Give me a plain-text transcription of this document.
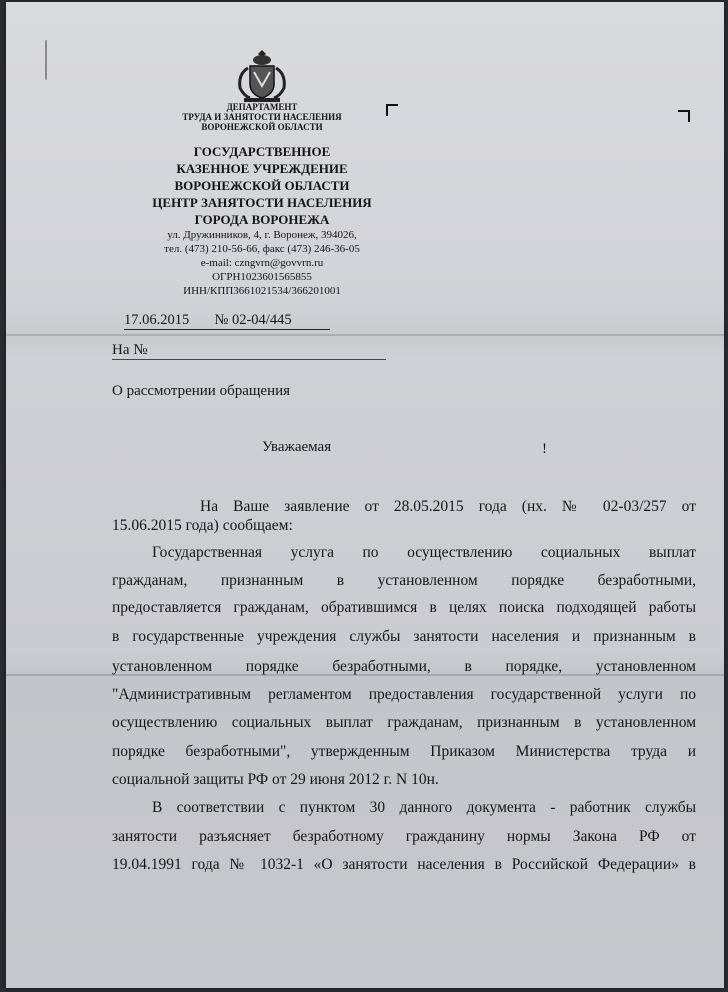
ДЕПАРТАМЕНТ
ТРУДА И ЗАНЯТОСТИ НАСЕЛЕНИЯ
ВОРОНЕЖСКОЙ ОБЛАСТИ
ГОСУДАРСТВЕННОЕ
КАЗЕННОЕ УЧРЕЖДЕНИЕ
ВОРОНЕЖСКОЙ ОБЛАСТИ
ЦЕНТР ЗАНЯТОСТИ НАСЕЛЕНИЯ
ГОРОДА ВОРОНЕЖА
ул. Дружинников, 4, г. Воронеж, 394026,
тел. (473) 210-56-66, факс (473) 246-36-05
e-mail: czngvrn@govvrn.ru
ОГРН1023601565855
ИНН/КПП3661021534/366201001
17.06.2015 № 02-04/445
На №
О рассмотрении обращения
Уважаемая	!
На Ваше заявление от 28.05.2015 года (нх. № 02-03/257 от
15.06.2015 года) сообщаем:
Государственная услуга по осуществлению социальных выплат
гражданам, признанным в установленном порядке безработными,
предоставляется гражданам, обратившимся в целях поиска подходящей работы
в государственные учреждения службы занятости населения и признанным в
установленном порядке безработными, в порядке, установленном
"Административным регламентом предоставления государственной услуги по
осуществлению социальных выплат гражданам, признанным в установленном
порядке безработными", утвержденным Приказом Министерства труда и
социальной защиты РФ от 29 июня 2012 г. N 10н.
В соответствии с пунктом 30 данного документа - работник службы
занятости разъясняет безработному гражданину нормы Закона РФ от
19.04.1991 года № 1032-1 «О занятости населения в Российской Федерации» в
